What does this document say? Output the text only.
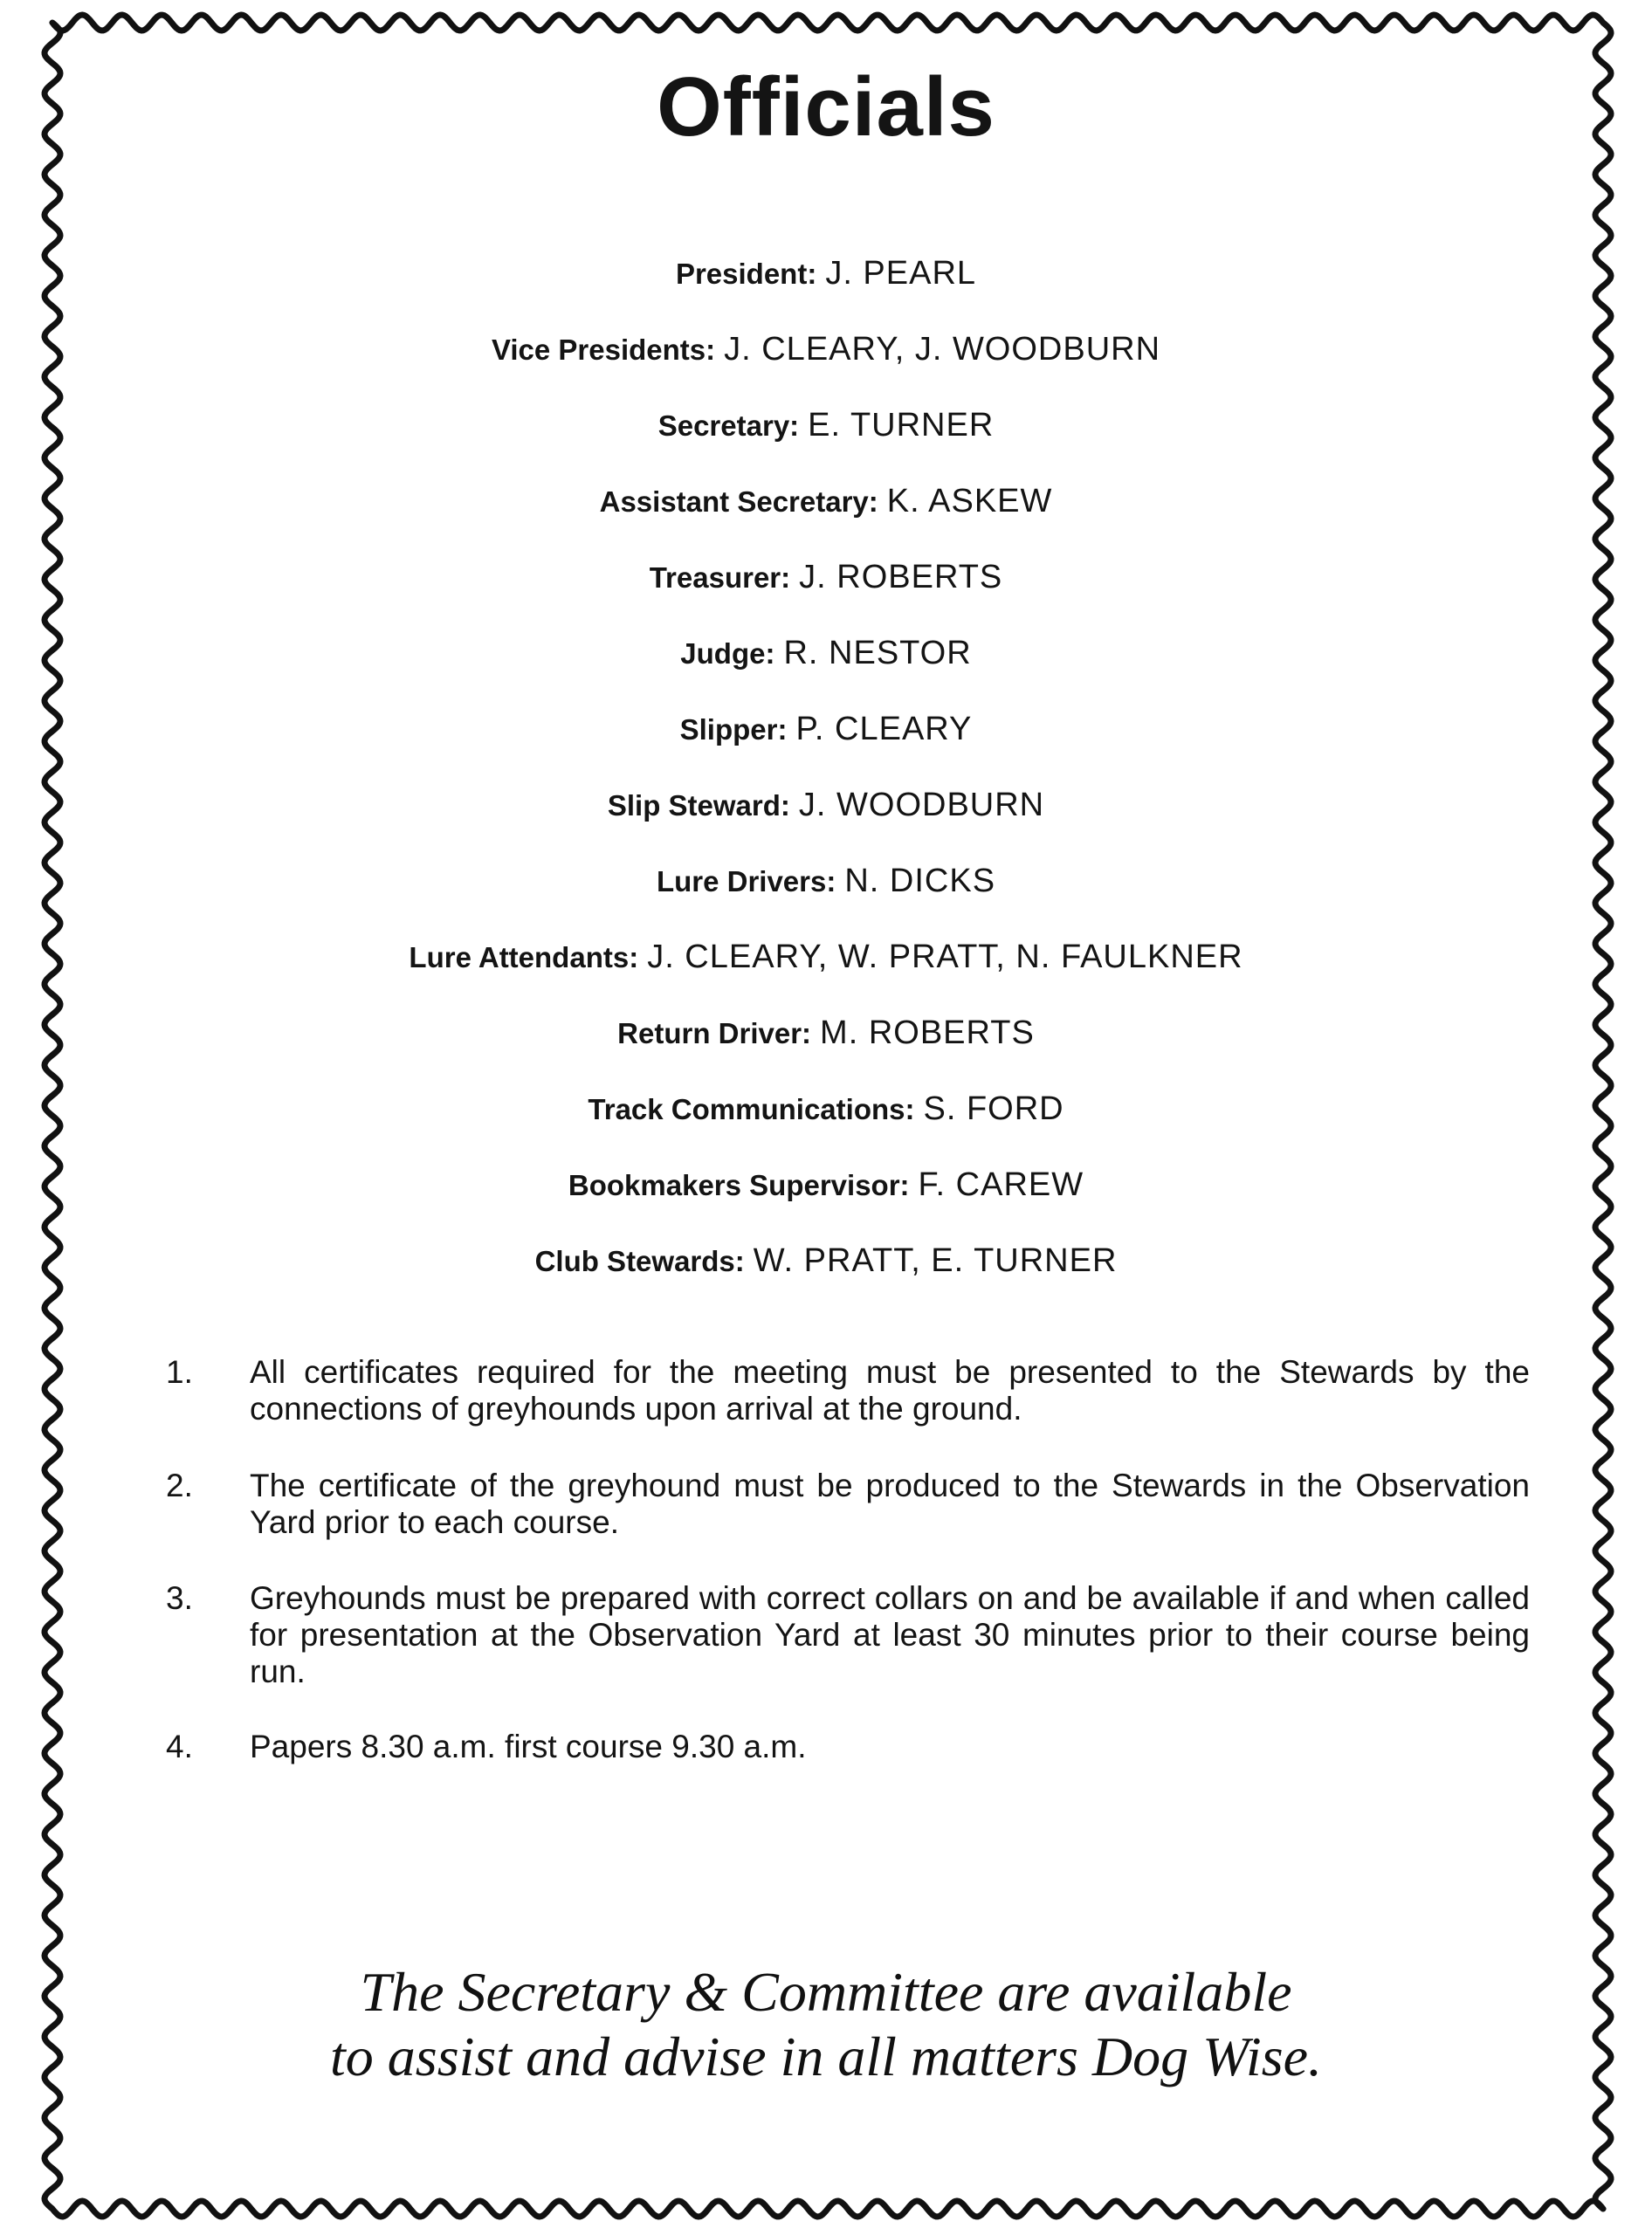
Officials
President: J. PEARL
Vice Presidents: J. CLEARY, J. WOODBURN
Secretary: E. TURNER
Assistant Secretary: K. ASKEW
Treasurer: J. ROBERTS
Judge: R. NESTOR
Slipper: P. CLEARY
Slip Steward: J. WOODBURN
Lure Drivers: N. DICKS
Lure Attendants: J. CLEARY, W. PRATT, N. FAULKNER
Return Driver: M. ROBERTS
Track Communications: S. FORD
Bookmakers Supervisor: F. CAREW
Club Stewards: W. PRATT, E. TURNER
1. All certificates required for the meeting must be presented to the Stewards by the connections of greyhounds upon arrival at the ground.
2. The certificate of the greyhound must be produced to the Stewards in the Observation Yard prior to each course.
3. Greyhounds must be prepared with correct collars on and be available if and when called for presentation at the Observation Yard at least 30 minutes prior to their course being run.
4. Papers 8.30 a.m. first course 9.30 a.m.
The Secretary & Committee are available
to assist and advise in all matters Dog Wise.
